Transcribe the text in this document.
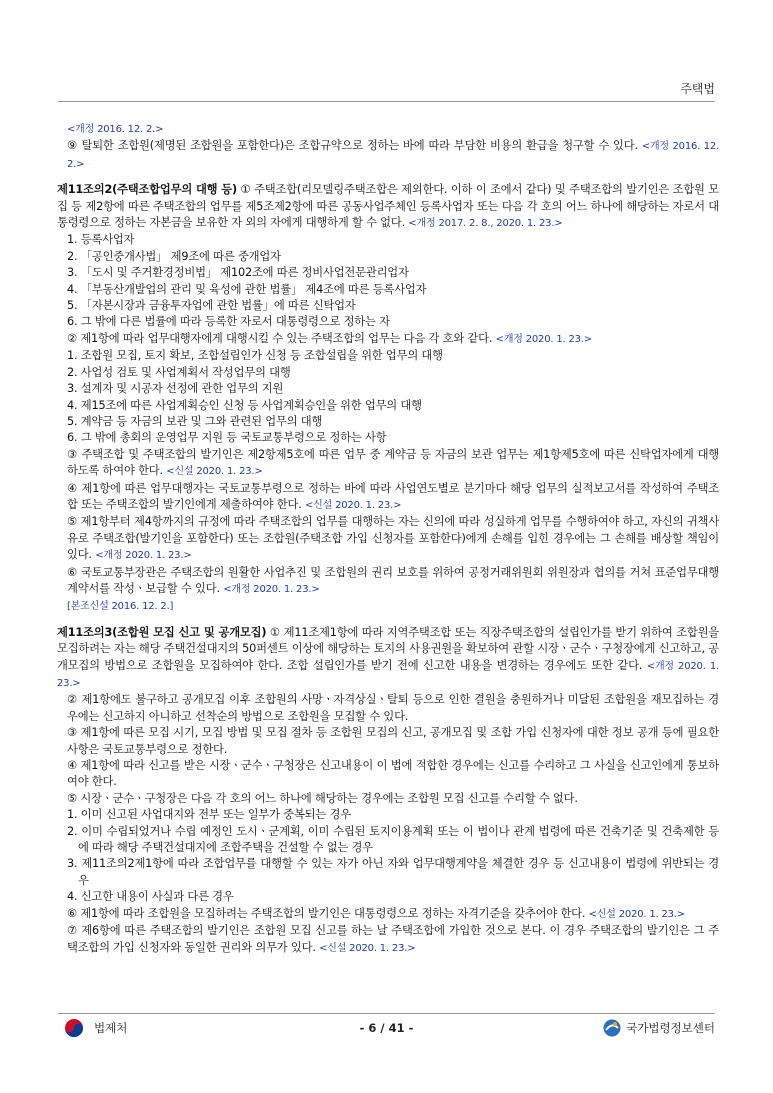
주택법

<개정 2016. 12. 2.>

⑨ 탈퇴한 조합원(제명된 조합원을 포함한다)은 조합규약으로 정하는 바에 따라 부담한 비용의 환급을 청구할 수 있다. <개정 2016. 12. 2.>

제11조의2(주택조합업무의 대행 등) ① 주택조합(리모델링주택조합은 제외한다. 이하 이 조에서 같다) 및 주택조합의 발기인은 조합원 모집 등 제2항에 따른 주택조합의 업무를 제5조제2항에 따른 공동사업주체인 등록사업자 또는 다음 각 호의 어느 하나에 해당하는 자로서 대통령령으로 정하는 자본금을 보유한 자 외의 자에게 대행하게 할 수 없다. <개정 2017. 2. 8., 2020. 1. 23.>

1. 등록사업자

2. 「공인중개사법」 제9조에 따른 중개업자

3. 「도시 및 주거환경정비법」 제102조에 따른 정비사업전문관리업자

4. 「부동산개발업의 관리 및 육성에 관한 법률」 제4조에 따른 등록사업자

5. 「자본시장과 금융투자업에 관한 법률」에 따른 신탁업자

6. 그 밖에 다른 법률에 따라 등록한 자로서 대통령령으로 정하는 자

② 제1항에 따라 업무대행자에게 대행시킬 수 있는 주택조합의 업무는 다음 각 호와 같다. <개정 2020. 1. 23.>

1. 조합원 모집, 토지 확보, 조합설립인가 신청 등 조합설립을 위한 업무의 대행

2. 사업성 검토 및 사업계획서 작성업무의 대행

3. 설계자 및 시공자 선정에 관한 업무의 지원

4. 제15조에 따른 사업계획승인 신청 등 사업계획승인을 위한 업무의 대행

5. 계약금 등 자금의 보관 및 그와 관련된 업무의 대행

6. 그 밖에 총회의 운영업무 지원 등 국토교통부령으로 정하는 사항

③ 주택조합 및 주택조합의 발기인은 제2항제5호에 따른 업무 중 계약금 등 자금의 보관 업무는 제1항제5호에 따른 신탁업자에게 대행하도록 하여야 한다. <신설 2020. 1. 23.>

④ 제1항에 따른 업무대행자는 국토교통부령으로 정하는 바에 따라 사업연도별로 분기마다 해당 업무의 실적보고서를 작성하여 주택조합 또는 주택조합의 발기인에게 제출하여야 한다. <신설 2020. 1. 23.>

⑤ 제1항부터 제4항까지의 규정에 따라 주택조합의 업무를 대행하는 자는 신의에 따라 성실하게 업무를 수행하여야 하고, 자신의 귀책사유로 주택조합(발기인을 포함한다) 또는 조합원(주택조합 가입 신청자를 포함한다)에게 손해를 입힌 경우에는 그 손해를 배상할 책임이 있다. <개정 2020. 1. 23.>

⑥ 국토교통부장관은 주택조합의 원활한 사업추진 및 조합원의 권리 보호를 위하여 공정거래위원회 위원장과 협의를 거쳐 표준업무대행계약서를 작성ㆍ보급할 수 있다. <개정 2020. 1. 23.>

[본조신설 2016. 12. 2.]

제11조의3(조합원 모집 신고 및 공개모집) ① 제11조제1항에 따라 지역주택조합 또는 직장주택조합의 설립인가를 받기 위하여 조합원을 모집하려는 자는 해당 주택건설대지의 50퍼센트 이상에 해당하는 토지의 사용권원을 확보하여 관할 시장ㆍ군수ㆍ구청장에게 신고하고, 공개모집의 방법으로 조합원을 모집하여야 한다. 조합 설립인가를 받기 전에 신고한 내용을 변경하는 경우에도 또한 같다. <개정 2020. 1. 23.>

② 제1항에도 불구하고 공개모집 이후 조합원의 사망ㆍ자격상실ㆍ탈퇴 등으로 인한 결원을 충원하거나 미달된 조합원을 재모집하는 경우에는 신고하지 아니하고 선착순의 방법으로 조합원을 모집할 수 있다.

③ 제1항에 따른 모집 시기, 모집 방법 및 모집 절차 등 조합원 모집의 신고, 공개모집 및 조합 가입 신청자에 대한 정보 공개 등에 필요한 사항은 국토교통부령으로 정한다.

④ 제1항에 따라 신고를 받은 시장ㆍ군수ㆍ구청장은 신고내용이 이 법에 적합한 경우에는 신고를 수리하고 그 사실을 신고인에게 통보하여야 한다.

⑤ 시장ㆍ군수ㆍ구청장은 다음 각 호의 어느 하나에 해당하는 경우에는 조합원 모집 신고를 수리할 수 없다.

1. 이미 신고된 사업대지와 전부 또는 일부가 중복되는 경우

2. 이미 수립되었거나 수립 예정인 도시ㆍ군계획, 이미 수립된 토지이용계획 또는 이 법이나 관계 법령에 따른 건축기준 및 건축제한 등에 따라 해당 주택건설대지에 조합주택을 건설할 수 없는 경우

3. 제11조의2제1항에 따라 조합업무를 대행할 수 있는 자가 아닌 자와 업무대행계약을 체결한 경우 등 신고내용이 법령에 위반되는 경우

4. 신고한 내용이 사실과 다른 경우

⑥ 제1항에 따라 조합원을 모집하려는 주택조합의 발기인은 대통령령으로 정하는 자격기준을 갖추어야 한다. <신설 2020. 1. 23.>

⑦ 제6항에 따른 주택조합의 발기인은 조합원 모집 신고를 하는 날 주택조합에 가입한 것으로 본다. 이 경우 주택조합의 발기인은 그 주택조합의 가입 신청자와 동일한 권리와 의무가 있다. <신설 2020. 1. 23.>

법제처	- 6 / 41 -	국가법령정보센터
